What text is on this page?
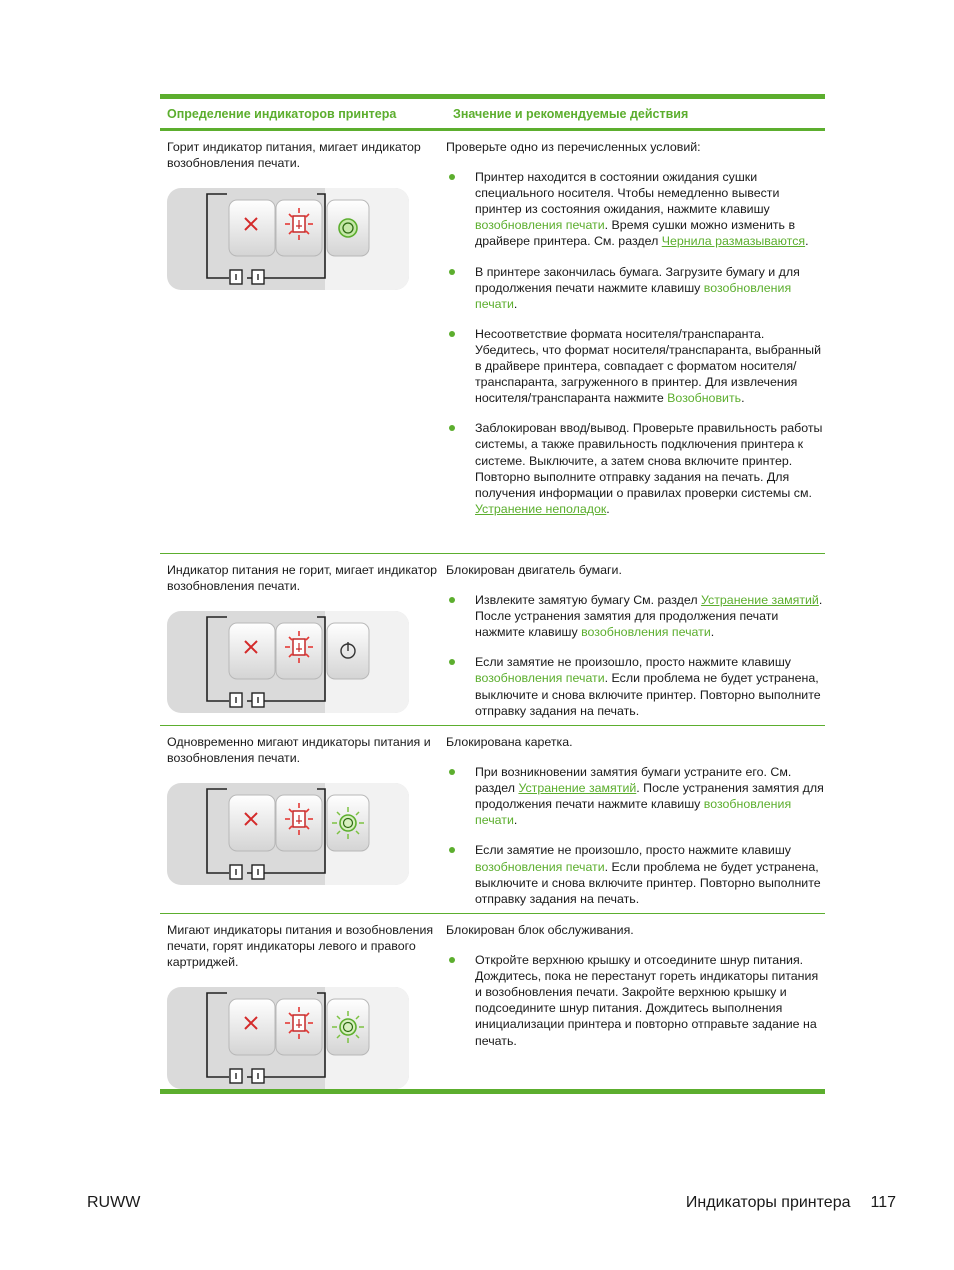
Определение индикаторов принтера	Значение и рекомендуемые действия
Горит индикатор питания, мигает индикатор возобновления печати.
Проверьте одно из перечисленных условий:
Принтер находится в состоянии ожидания сушки специального носителя. Чтобы немедленно вывести принтер из состояния ожидания, нажмите клавишу возобновления печати. Время сушки можно изменить в драйвере принтера. См. раздел Чернила размазываются.
В принтере закончилась бумага. Загрузите бумагу и для продолжения печати нажмите клавишу возобновления печати.
Несоответствие формата носителя/транспаранта. Убедитесь, что формат носителя/транспаранта, выбранный в драйвере принтера, совпадает с форматом носителя/транспаранта, загруженного в принтер. Для извлечения носителя/транспаранта нажмите Возобновить.
Заблокирован ввод/вывод. Проверьте правильность работы системы, а также правильность подключения принтера к системе. Выключите, а затем снова включите принтер. Повторно выполните отправку задания на печать. Для получения информации о правилах проверки системы см. Устранение неполадок.
Индикатор питания не горит, мигает индикатор возобновления печати.
Блокирован двигатель бумаги.
Извлеките замятую бумагу См. раздел Устранение замятий. После устранения замятия для продолжения печати нажмите клавишу возобновления печати.
Если замятие не произошло, просто нажмите клавишу возобновления печати. Если проблема не будет устранена, выключите и снова включите принтер. Повторно выполните отправку задания на печать.
Одновременно мигают индикаторы питания и возобновления печати.
Блокирована каретка.
При возникновении замятия бумаги устраните его. См. раздел Устранение замятий. После устранения замятия для продолжения печати нажмите клавишу возобновления печати.
Если замятие не произошло, просто нажмите клавишу возобновления печати. Если проблема не будет устранена, выключите и снова включите принтер. Повторно выполните отправку задания на печать.
Мигают индикаторы питания и возобновления печати, горят индикаторы левого и правого картриджей.
Блокирован блок обслуживания.
Откройте верхнюю крышку и отсоедините шнур питания. Дождитесь, пока не перестанут гореть индикаторы питания и возобновления печати. Закройте верхнюю крышку и подсоедините шнур питания. Дождитесь выполнения инициализации принтера и повторно отправьте задание на печать.
RUWW	Индикаторы принтера 117
